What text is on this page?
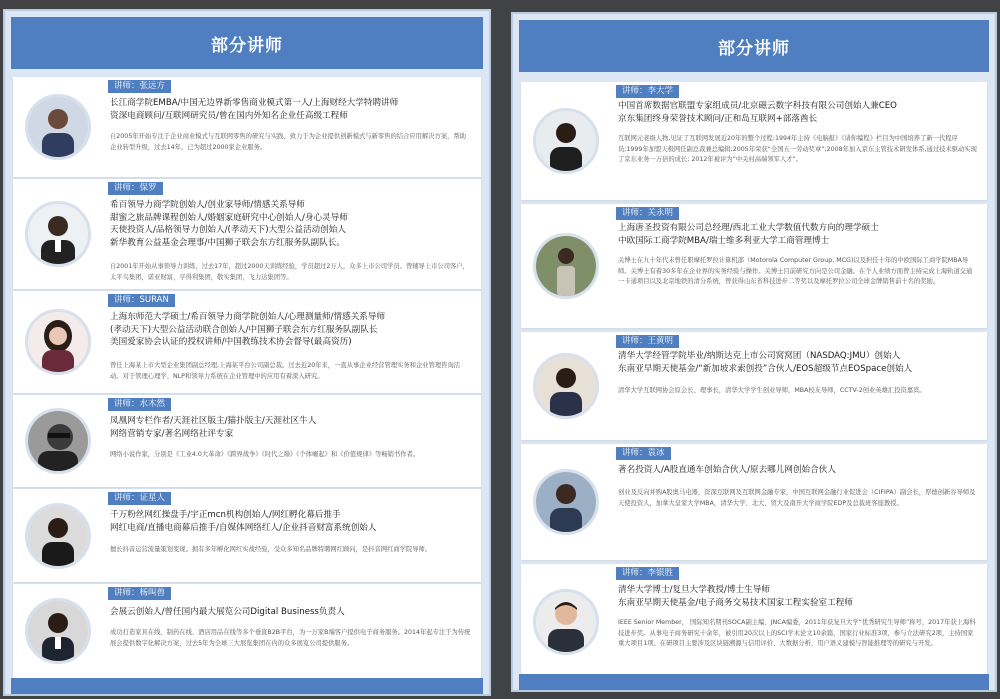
部分讲师
讲师：张远方
长江商学院EMBA/中国无边界新零售商业模式第一人/上海财经大学特聘讲师
资深电商顾问/互联网研究员/曾在国内外知名企业任高级工程师
自2005年开始专注于企业商业模式与互联网零售的研究与实践，致力于为企业提供创新模式与新零售的结合应用解决方案，帮助企业转型升级，过去14年，已为超过2000家企业服务。
讲师：保罗
希百领导力商学院创始人/创业家导师/情感关系导师
甜蜜之旅品牌课程创始人/婚姻家庭研究中心创始人/身心灵导师
天使投资人/品格领导力创始人/(孝动天下)大型公益活动创始人
新华教育公益基金会理事/中国狮子联会东方红服务队副队长。
自2001年开始从事领导力训练，过去17年，超过2000天训练经验，学员超过2万人，众多上市公司学员。曾辅导上市公司客户，太平鸟集团，诺亚财富，亨得利集团，敬实集团，飞力达集团等。
讲师：SURAN
上海东师范大学硕士/希百领导力商学院创始人/心理测量师/情感关系导师
(孝动天下)大型公益活动联合创始人/中国狮子联会东方红服务队副队长
美国爱家协会认证的授权讲师/中国教练技术协会督导(最高资历)
曾任上海某上市大型企业集团副总经理,上海某平台公司副总裁。过去近20年来，一直从事企业经营管理实务和企业管理咨询活动。对于管理心理学、NLP和领导力系统在企业管理中的应用有着深入研究。
讲师：水木然
凤凰网专栏作者/天涯社区版主/猫扑版主/天涯社区牛人
网络营销专家/著名网络社评专家
网络小说作家，分别是《工业4.0大革命》《跨界战争》《时代之巅》《个体崛起》和《价值规律》等畅销书作者。
讲师：证星人
千万粉丝网红操盘手/宇正mcn机构创始人/网红孵化幕后推手
网红电商/直播电商幕后推手/自媒体网络红人/企业抖音财富系统创始人
擅长抖音运营流量策划变现。拥有多年孵化网红实战经验，受众多知名品牌特聘网红顾问，是抖音网红商学院导师。
讲师：杨叫兽
会展云创始人/曾任国内最大展览公司Digital Business负责人
成功打造家具在线、制药在线、酒店用品在线等多个垂直B2B平台，为一万家B端客户提供电子商务服务。2014年起专注于为传统展会提供数字化解决方案，过去5年为全球三大展览集团在内的众多展览公司提供服务。
部分讲师
讲师：李大学
中国首席数据官联盟专家组成员/北京磁云数字科技有限公司创始人兼CEO
京东集团终身荣誉技术顾问/正和岛互联网+部落酋长
互联网元老级人物,见证了互联网发展近20年的整个过程:1994年主持《电脑报》《请你编程》栏目为中国培养了新一代程序员;1999年加盟天极网任副总裁兼总编辑;2005年荣获“全国五一劳动奖章”;2008年加入京东主管技术研发体系,通过技术驱动实现了京东业务一万倍的成长; 2012年被评为“中关村高端领军人才”。
讲师：关永明
上海唐圣投资有限公司总经理/西北工业大学数值代数方向的理学硕士
中欧国际工商学院MBA/瑞士维多利亚大学工商管理博士
关博士在九十年代末曾任职摩托罗拉计算机部（Motorola Computer Group, MCG)以及担任十年的中欧国际工商学院MBA导师。关博士有着30多年在企业界的实务经验与操作。关博士目前研究方向是公司金融。在个人业绩方面曾主持完成上海轨道交通一卡通项目以及北京地铁的清分系统，曾获得山东省科技进步二等奖以及摩托罗拉公司全球金牌销售前十名的奖励。
讲师：王黄明
清华大学经管学院毕业/纳斯达克上市公司窝窝团（NASDAQ:JMU）创始人
东南亚早期天使基金/“新加坡求索创投”合伙人/EOS超级节点EOSpace创始人
清华大学互联网协会原会长、理事长，清华大学学生创业导师，MBA校友导师，CCTV-2创业英雄汇投资嘉宾。
讲师：袁冰
著名投资人/A股直通车创始合伙人/原去哪儿网创始合伙人
创业及反向并购A股奥马电器，资深互联网及互联网金融专家，中国互联网金融行业促进会（CIFIPA）副会长，厚德创新谷导师及天使投资人，加拿大皇家大学MBA，清华大学、北大、贸大及南开大学商学院EDP及总裁班客座教授。
讲师：李银胜
清华大学博士/复旦大学教授/博士生导师
东南亚早期天使基金/电子商务交易技术国家工程实验室工程师
IEEE Senior Member， 国际知名期刊SOCA副主编、JNCA编委，2011年获复旦大学“优秀研究生导师”称号，2017年获上海科技进步奖。从事电子商务研究十余年，被引用20次以上的SCI学术论文10余篇，国家行业标准3项，参与立法研究2项，主持国家重大项目1项。在研项目主要涉及区块链溯源与信用评价、大数据分析、用户语义建模与智能推理等的研究与开发。
